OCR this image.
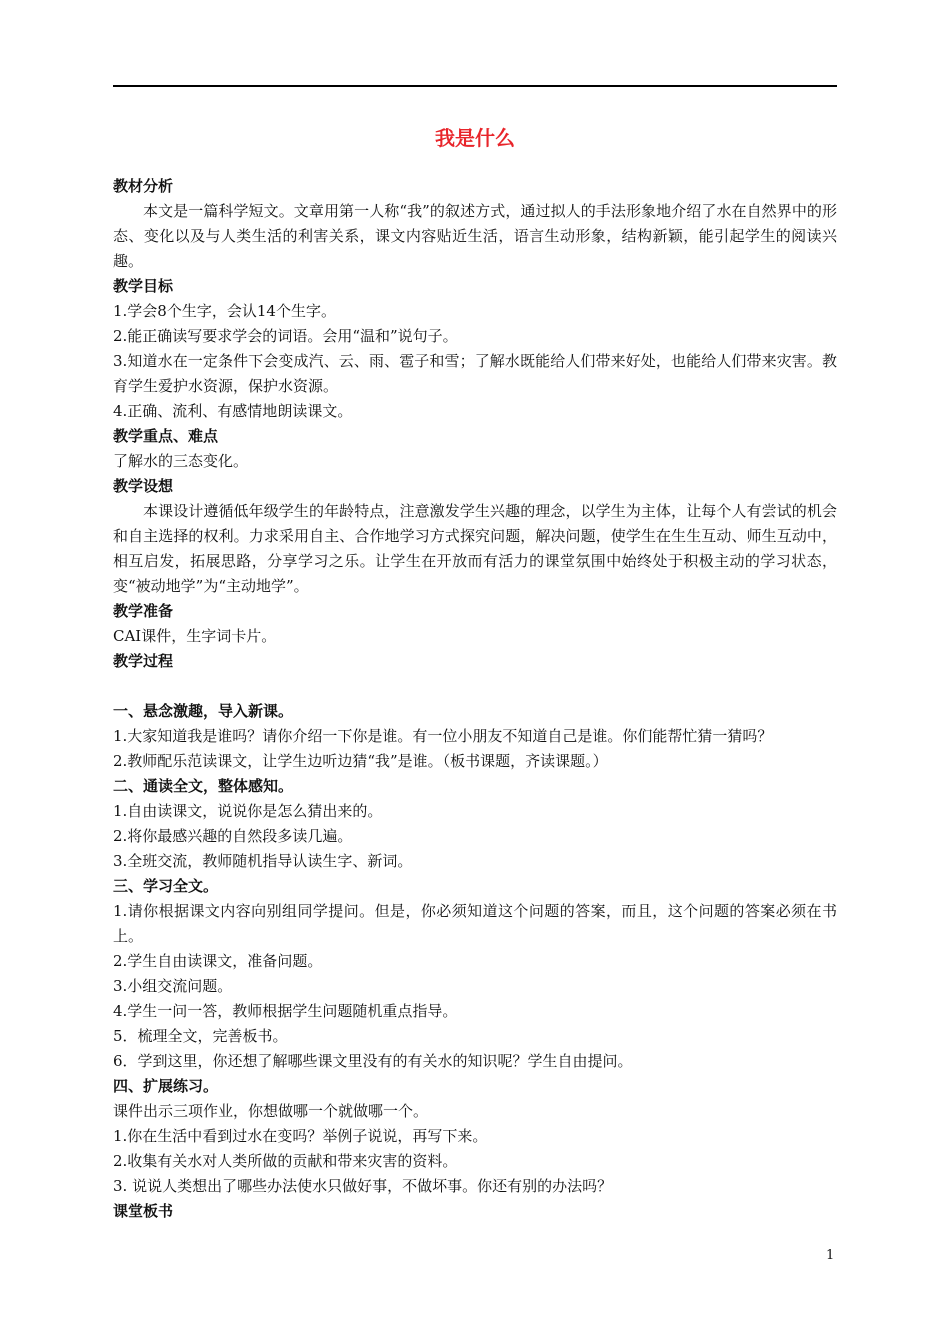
我是什么
教材分析
本文是一篇科学短文。文章用第一人称“我”的叙述方式，通过拟人的手法形象地介绍了水在自然界中的形态、变化以及与人类生活的利害关系，课文内容贴近生活，语言生动形象，结构新颖，能引起学生的阅读兴趣。
教学目标
1.学会8个生字，会认14个生字。
2.能正确读写要求学会的词语。会用“温和”说句子。
3.知道水在一定条件下会变成汽、云、雨、雹子和雪；了解水既能给人们带来好处，也能给人们带来灾害。教育学生爱护水资源，保护水资源。
4.正确、流利、有感情地朗读课文。
教学重点、难点
了解水的三态变化。
教学设想
本课设计遵循低年级学生的年龄特点，注意激发学生兴趣的理念，以学生为主体，让每个人有尝试的机会和自主选择的权利。力求采用自主、合作地学习方式探究问题，解决问题，使学生在生生互动、师生互动中，相互启发，拓展思路，分享学习之乐。让学生在开放而有活力的课堂氛围中始终处于积极主动的学习状态，变“被动地学”为“主动地学”。
教学准备
CAI课件，生字词卡片。
教学过程
一、悬念激趣，导入新课。
1.大家知道我是谁吗？请你介绍一下你是谁。有一位小朋友不知道自己是谁。你们能帮忙猜一猜吗？
2.教师配乐范读课文，让学生边听边猜“我”是谁。（板书课题，齐读课题。）
二、通读全文，整体感知。
1.自由读课文，说说你是怎么猜出来的。
2.将你最感兴趣的自然段多读几遍。
3.全班交流，教师随机指导认读生字、新词。
三、学习全文。
1.请你根据课文内容向别组同学提问。但是，你必须知道这个问题的答案，而且，这个问题的答案必须在书上。
2.学生自由读课文，准备问题。
3.小组交流问题。
4.学生一问一答，教师根据学生问题随机重点指导。
5．梳理全文，完善板书。
6．学到这里，你还想了解哪些课文里没有的有关水的知识呢？学生自由提问。
四、扩展练习。
课件出示三项作业，你想做哪一个就做哪一个。
1.你在生活中看到过水在变吗？举例子说说，再写下来。
2.收集有关水对人类所做的贡献和带来灾害的资料。
3. 说说人类想出了哪些办法使水只做好事，不做坏事。你还有别的办法吗？
课堂板书
1
